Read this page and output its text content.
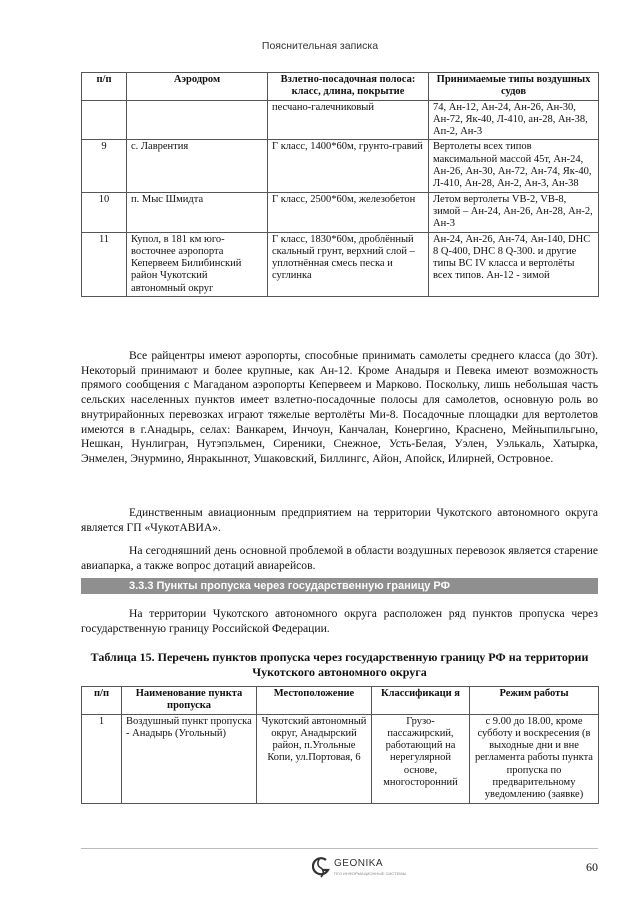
Пояснительная записка
п/п	Аэродром	Взлетно-посадочная полоса: класс, длина, покрытие	Принимаемые типы воздушных судов
		песчано-галечниковый	74, Ан-12, Ан-24, Ан-26, Ан-30, Ан-72, Як-40, Л-410, ан-28, Ан-38, Ап-2, Ан-3
9	с. Лаврентия	Г класс, 1400*60м, грунто-гравий	Вертолеты всех типов максимальной массой 45т, Ан-24, Ан-26, Ан-30, Ан-72, Ан-74, Як-40, Л-410, Ан-28, Ан-2, Ан-3, Ан-38
10	п. Мыс Шмидта	Г класс, 2500*60м, железобетон	Летом вертолеты VB-2, VB-8, зимой – Ан-24, Ан-26, Ан-28, Ан-2, Ан-3
11	Купол, в 181 км юго-восточнее аэропорта Кепервеем Билибинский район Чукотский автономный округ	Г класс, 1830*60м, дроблённый скальный грунт, верхний слой –уплотнённая смесь песка и суглинка	Ан-24, Ан-26, Ан-74, Ан-140, DHC 8 Q-400, DHC 8 Q-300. и другие типы ВС IV класса и вертолёты всех типов. Ан-12 - зимой

Все райцентры имеют аэропорты, способные принимать самолеты среднего класса (до 30т). Некоторый принимают и более крупные, как Ан-12. Кроме Анадыря и Певека имеют возможность прямого сообщения с Магаданом аэропорты Кепервеем и Марково. Поскольку, лишь небольшая часть сельских населенных пунктов имеет взлетно-посадочные полосы для самолетов, основную роль во внутрирайонных перевозках играют тяжелые вертолёты Ми-8. Посадочные площадки для вертолетов имеются в г.Анадырь, селах: Ванкарем, Инчоун, Канчалан, Конергино, Краснено, Мейныпильгыно, Нешкан, Нунлигран, Нутэпэльмен, Сиреники, Снежное, Усть-Белая, Уэлен, Уэлькаль, Хатырка, Энмелен, Энурмино, Янракыннот, Ушаковский, Биллингс, Айон, Апойск, Илирней, Островное.

Единственным авиационным предприятием на территории Чукотского автономного округа является ГП «ЧукотАВИА».

На сегодняшний день основной проблемой в области воздушных перевозок является старение авиапарка, а также вопрос дотаций авиарейсов.

3.3.3 Пункты пропуска через государственную границу РФ

На территории Чукотского автономного округа расположен ряд пунктов пропуска через государственную границу Российской Федерации.

Таблица 15. Перечень пунктов пропуска через государственную границу РФ на территории Чукотского автономного округа

п/п	Наименование пункта пропуска	Местоположение	Классификаци я	Режим работы
1	Воздушный пункт пропуска - Анадырь (Угольный)	Чукотский автономный округ, Анадырский район, п.Угольные Копи, ул.Портовая, 6	Грузо-пассажирский, работающий на нерегулярной основе, многосторонний	с 9.00 до 18.00, кроме субботу и воскресения (в выходные дни и вне регламента работы пункта пропуска по предварительному уведомлению (заявке)
GEONIKA
ГЕО ИНФОРМАЦИОННЫЕ СИСТЕМЫ	60
